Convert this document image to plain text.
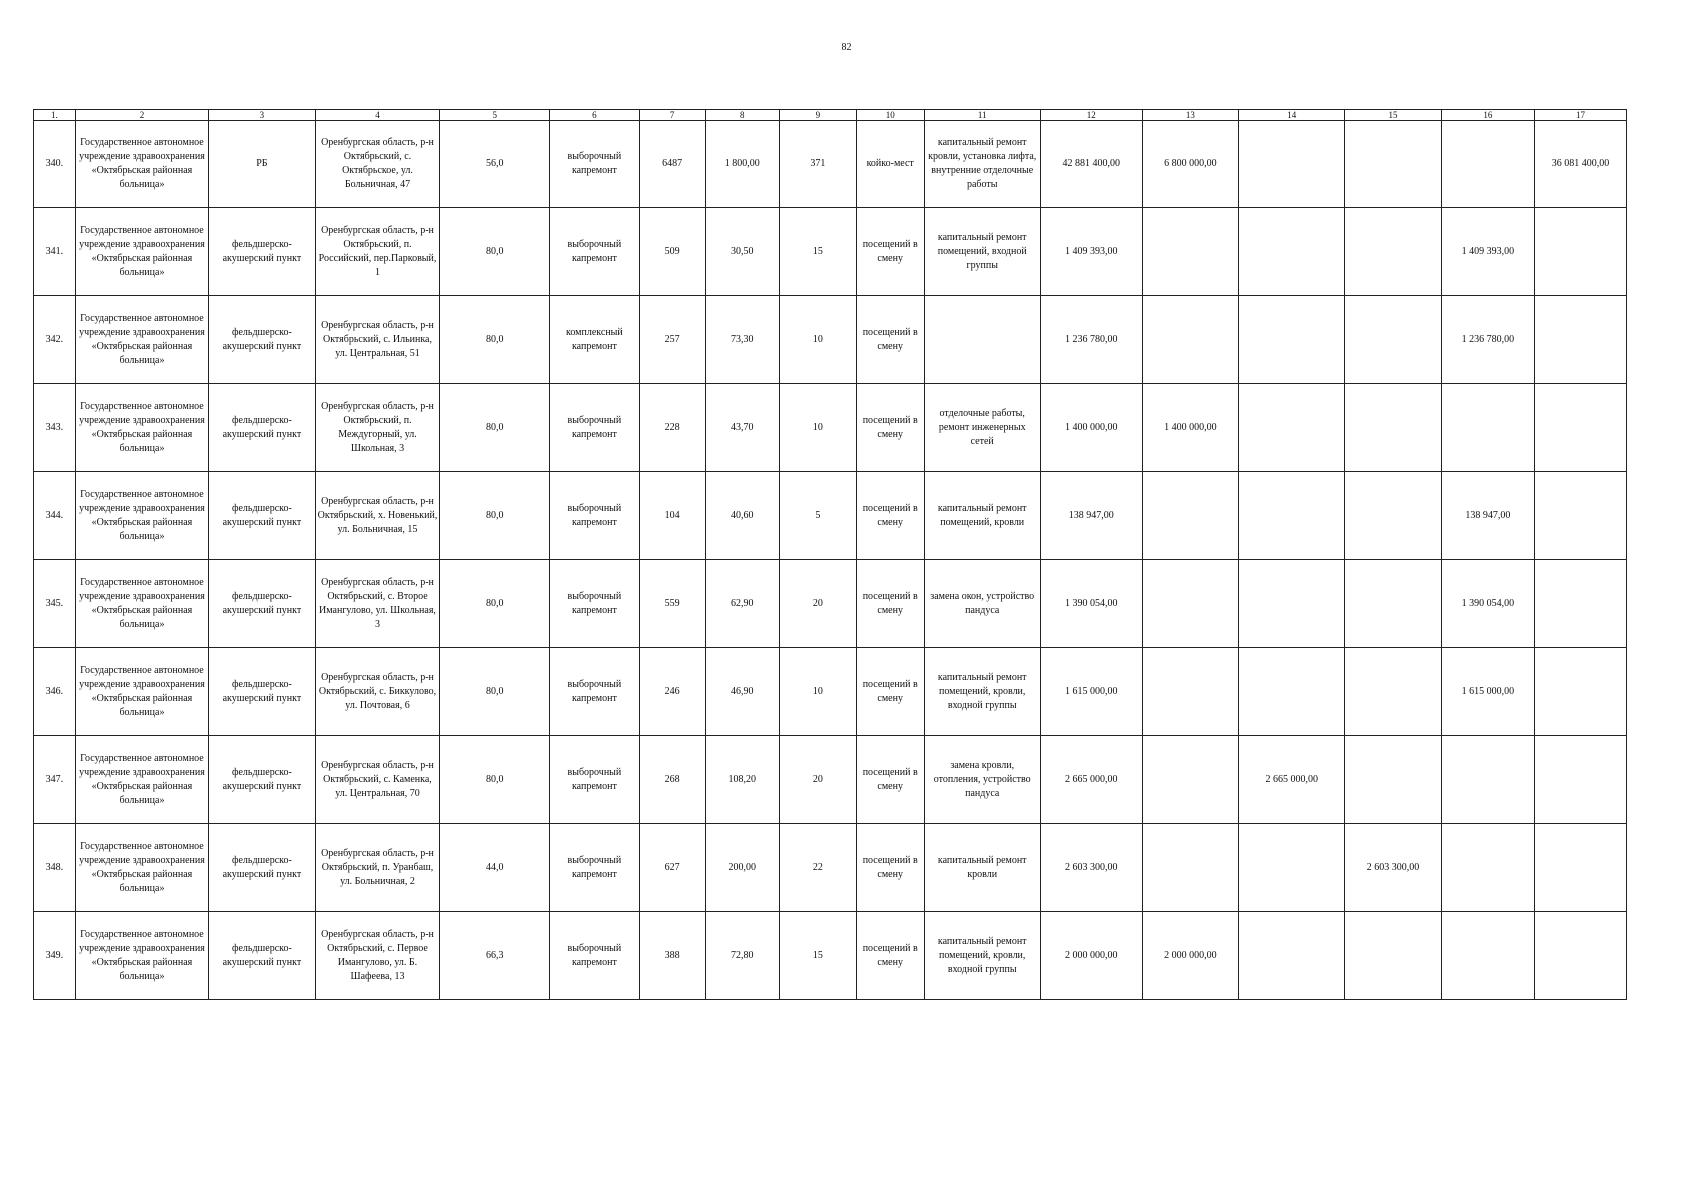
82
1.	2	3	4	5	6	7	8	9	10	11	12	13	14	15	16	17
340.	Государственное автономное учреждение здравоохранения «Октябрьская районная больница»	РБ	Оренбургская область, р-н Октябрьский, с. Октябрьское, ул. Больничная, 47	56,0	выборочный капремонт	6487	1 800,00	371	койко-мест	капитальный ремонт кровли, установка лифта, внутренние отделочные работы	42 881 400,00	6 800 000,00				36 081 400,00
341.	Государственное автономное учреждение здравоохранения «Октябрьская районная больница»	фельдшерско-акушерский пункт	Оренбургская область, р-н Октябрьский, п. Российский, пер.Парковый, 1	80,0	выборочный капремонт	509	30,50	15	посещений в смену	капитальный ремонт помещений, входной группы	1 409 393,00				1 409 393,00	
342.	Государственное автономное учреждение здравоохранения «Октябрьская районная больница»	фельдшерско-акушерский пункт	Оренбургская область, р-н Октябрьский, с. Ильинка, ул. Центральная, 51	80,0	комплексный капремонт	257	73,30	10	посещений в смену		1 236 780,00				1 236 780,00	
343.	Государственное автономное учреждение здравоохранения «Октябрьская районная больница»	фельдшерско-акушерский пункт	Оренбургская область, р-н Октябрьский, п. Междугорный, ул. Школьная, 3	80,0	выборочный капремонт	228	43,70	10	посещений в смену	отделочные работы, ремонт инженерных сетей	1 400 000,00	1 400 000,00				
344.	Государственное автономное учреждение здравоохранения «Октябрьская районная больница»	фельдшерско-акушерский пункт	Оренбургская область, р-н Октябрьский, х. Новенький, ул. Больничная, 15	80,0	выборочный капремонт	104	40,60	5	посещений в смену	капитальный ремонт помещений, кровли	138 947,00				138 947,00	
345.	Государственное автономное учреждение здравоохранения «Октябрьская районная больница»	фельдшерско-акушерский пункт	Оренбургская область, р-н Октябрьский, с. Второе Имангулово, ул. Школьная, 3	80,0	выборочный капремонт	559	62,90	20	посещений в смену	замена окон, устройство пандуса	1 390 054,00				1 390 054,00	
346.	Государственное автономное учреждение здравоохранения «Октябрьская районная больница»	фельдшерско-акушерский пункт	Оренбургская область, р-н Октябрьский, с. Биккулово, ул. Почтовая, 6	80,0	выборочный капремонт	246	46,90	10	посещений в смену	капитальный ремонт помещений, кровли, входной группы	1 615 000,00				1 615 000,00	
347.	Государственное автономное учреждение здравоохранения «Октябрьская районная больница»	фельдшерско-акушерский пункт	Оренбургская область, р-н Октябрьский, с. Каменка, ул. Центральная, 70	80,0	выборочный капремонт	268	108,20	20	посещений в смену	замена кровли, отопления, устройство пандуса	2 665 000,00		2 665 000,00			
348.	Государственное автономное учреждение здравоохранения «Октябрьская районная больница»	фельдшерско-акушерский пункт	Оренбургская область, р-н Октябрьский, п. Уранбаш, ул. Больничная, 2	44,0	выборочный капремонт	627	200,00	22	посещений в смену	капитальный ремонт кровли	2 603 300,00			2 603 300,00		
349.	Государственное автономное учреждение здравоохранения «Октябрьская районная больница»	фельдшерско-акушерский пункт	Оренбургская область, р-н Октябрьский, с. Первое Имангулово, ул. Б. Шафеева, 13	66,3	выборочный капремонт	388	72,80	15	посещений в смену	капитальный ремонт помещений, кровли, входной группы	2 000 000,00	2 000 000,00				
